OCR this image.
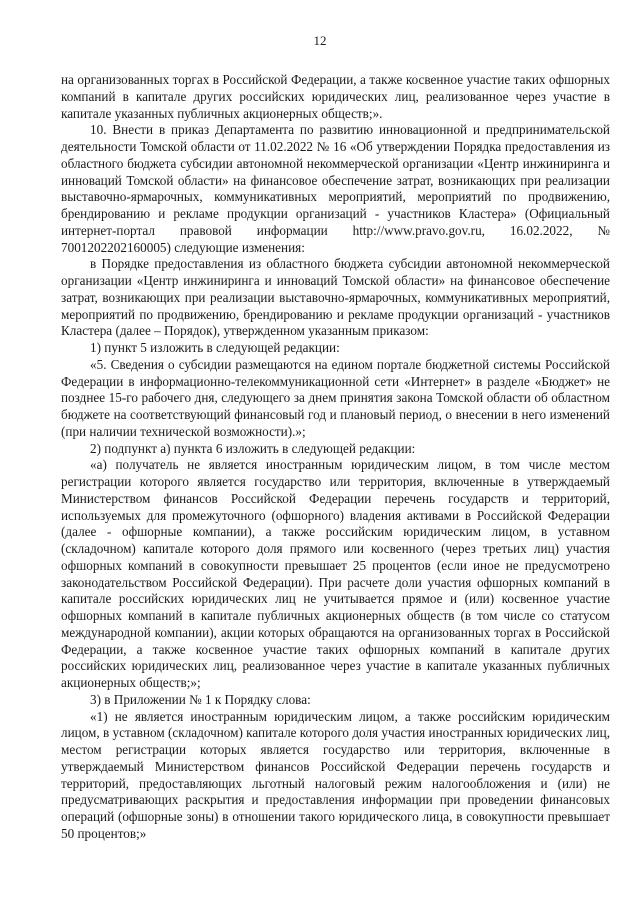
12

на организованных торгах в Российской Федерации, а также косвенное участие таких офшорных компаний в капитале других российских юридических лиц, реализованное через участие в капитале указанных публичных акционерных обществ;».

10. Внести в приказ Департамента по развитию инновационной и предпринимательской деятельности Томской области от 11.02.2022 № 16 «Об утверждении Порядка предоставления из областного бюджета субсидии автономной некоммерческой организации «Центр инжиниринга и инноваций Томской области» на финансовое обеспечение затрат, возникающих при реализации выставочно-ярмарочных, коммуникативных мероприятий, мероприятий по продвижению, брендированию и рекламе продукции организаций - участников Кластера» (Официальный интернет-портал правовой информации http://www.pravo.gov.ru, 16.02.2022, № 7001202202160005) следующие изменения:

в Порядке предоставления из областного бюджета субсидии автономной некоммерческой организации «Центр инжиниринга и инноваций Томской области» на финансовое обеспечение затрат, возникающих при реализации выставочно-ярмарочных, коммуникативных мероприятий, мероприятий по продвижению, брендированию и рекламе продукции организаций - участников Кластера (далее – Порядок), утвержденном указанным приказом:

1) пункт 5 изложить в следующей редакции:

«5. Сведения о субсидии размещаются на едином портале бюджетной системы Российской Федерации в информационно-телекоммуникационной сети «Интернет» в разделе «Бюджет» не позднее 15-го рабочего дня, следующего за днем принятия закона Томской области об областном бюджете на соответствующий финансовый год и плановый период, о внесении в него изменений (при наличии технической возможности).»;

2) подпункт а) пункта 6 изложить в следующей редакции:

«а) получатель не является иностранным юридическим лицом, в том числе местом регистрации которого является государство или территория, включенные в утверждаемый Министерством финансов Российской Федерации перечень государств и территорий, используемых для промежуточного (офшорного) владения активами в Российской Федерации (далее - офшорные компании), а также российским юридическим лицом, в уставном (складочном) капитале которого доля прямого или косвенного (через третьих лиц) участия офшорных компаний в совокупности превышает 25 процентов (если иное не предусмотрено законодательством Российской Федерации). При расчете доли участия офшорных компаний в капитале российских юридических лиц не учитывается прямое и (или) косвенное участие офшорных компаний в капитале публичных акционерных обществ (в том числе со статусом международной компании), акции которых обращаются на организованных торгах в Российской Федерации, а также косвенное участие таких офшорных компаний в капитале других российских юридических лиц, реализованное через участие в капитале указанных публичных акционерных обществ;»;

3) в Приложении № 1 к Порядку слова:

«1) не является иностранным юридическим лицом, а также российским юридическим лицом, в уставном (складочном) капитале которого доля участия иностранных юридических лиц, местом регистрации которых является государство или территория, включенные в утверждаемый Министерством финансов Российской Федерации перечень государств и территорий, предоставляющих льготный налоговый режим налогообложения и (или) не предусматривающих раскрытия и предоставления информации при проведении финансовых операций (офшорные зоны) в отношении такого юридического лица, в совокупности превышает 50 процентов;»
